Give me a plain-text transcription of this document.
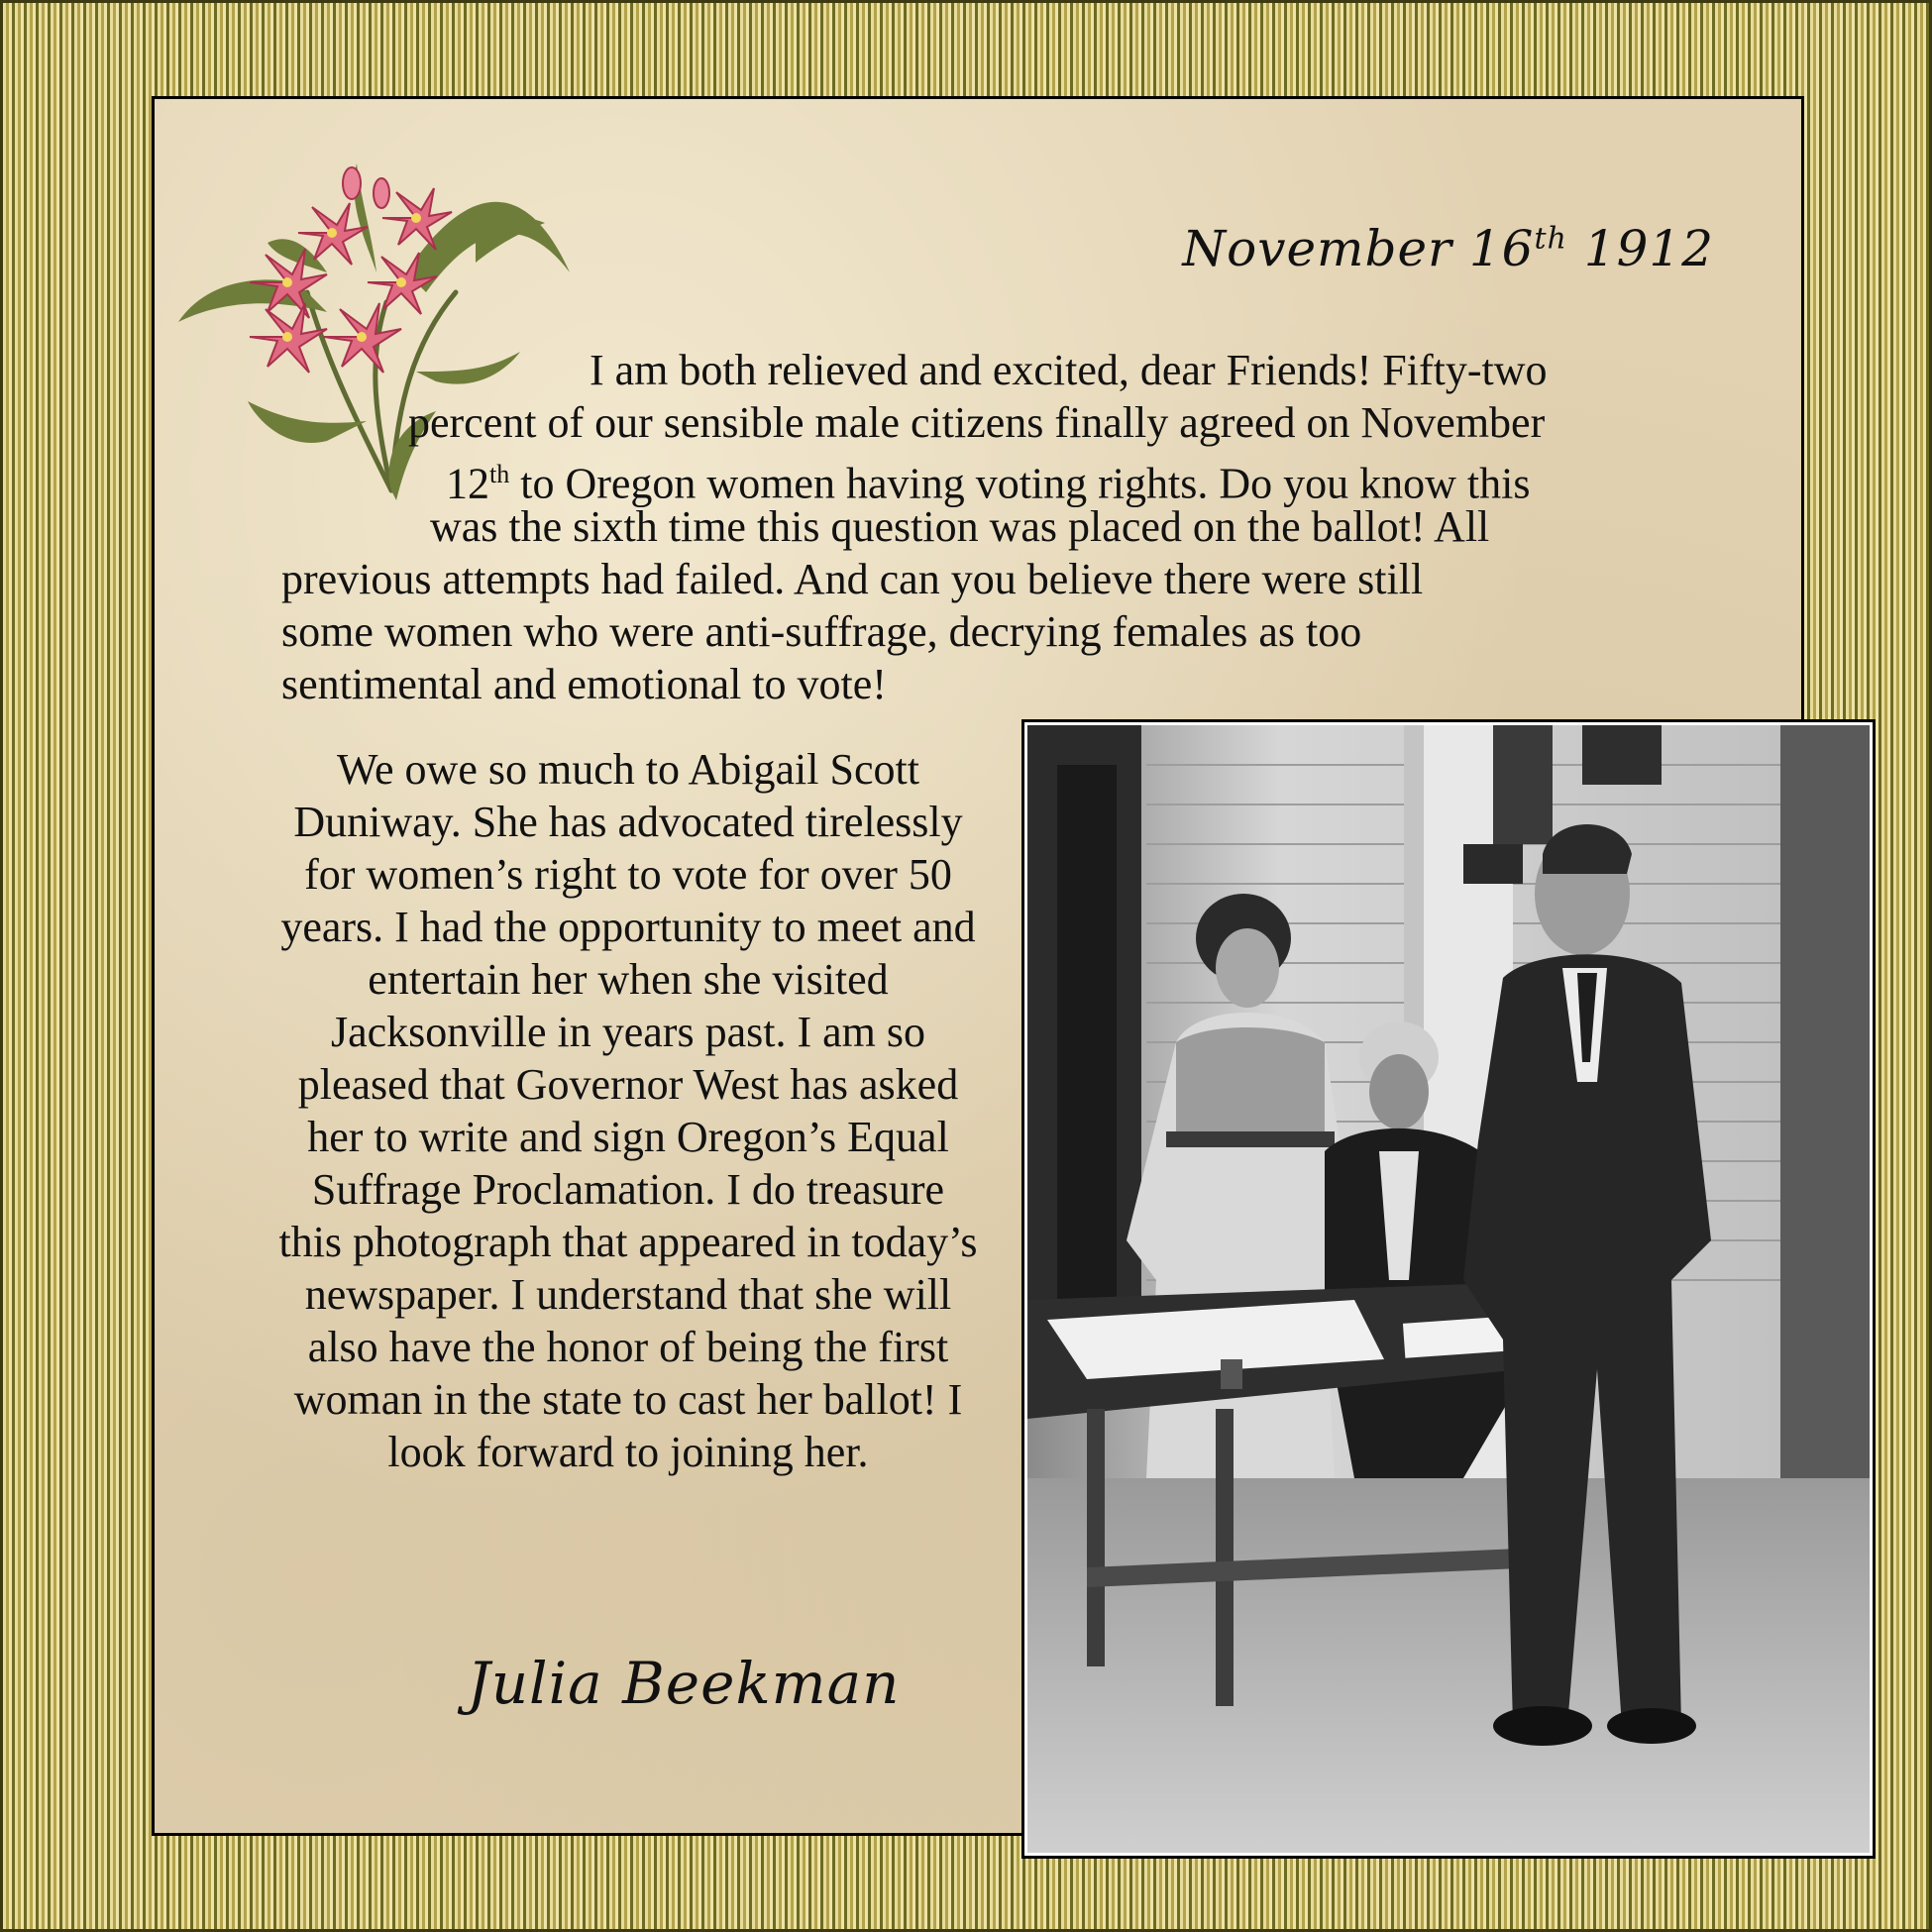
November 16th 1912
I am both relieved and excited, dear Friends! Fifty-two
percent of our sensible male citizens finally agreed on November
12th to Oregon women having voting rights. Do you know this
was the sixth time this question was placed on the ballot! All
previous attempts had failed. And can you believe there were still
some women who were anti-suffrage, decrying females as too
sentimental and emotional to vote!
We owe so much to Abigail Scott Duniway. She has advocated tirelessly for women’s right to vote for over 50 years. I had the opportunity to meet and entertain her when she visited Jacksonville in years past. I am so pleased that Governor West has asked her to write and sign Oregon’s Equal Suffrage Proclamation. I do treasure this photograph that appeared in today’s newspaper. I understand that she will also have the honor of being the first woman in the state to cast her ballot! I look forward to joining her.
Julia Beekman
